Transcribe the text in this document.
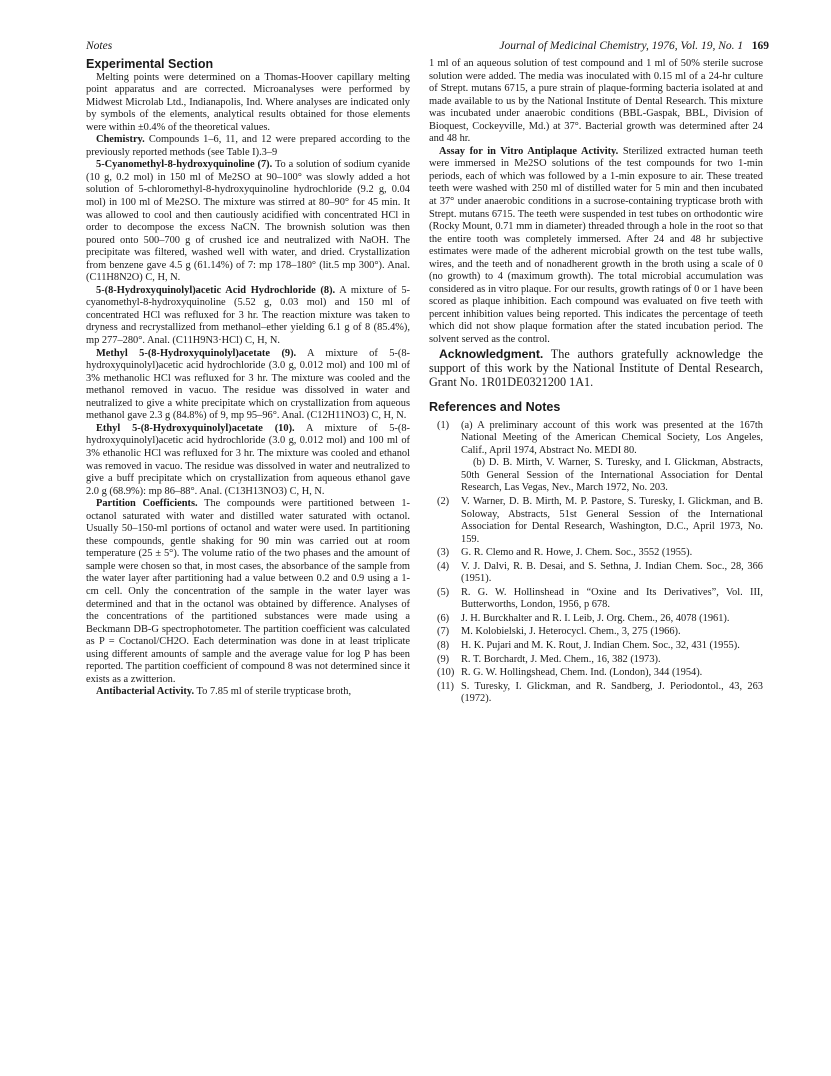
Notes	Journal of Medicinal Chemistry, 1976, Vol. 19, No. 1 169
Experimental Section

Melting points were determined on a Thomas-Hoover capillary melting point apparatus and are corrected. Microanalyses were performed by Midwest Microlab Ltd., Indianapolis, Ind. Where analyses are indicated only by symbols of the elements, analytical results obtained for those elements were within ±0.4% of the theoretical values.

Chemistry. Compounds 1–6, 11, and 12 were prepared according to the previously reported methods (see Table I).3–9

5-Cyanomethyl-8-hydroxyquinoline (7). To a solution of sodium cyanide (10 g, 0.2 mol) in 150 ml of Me2SO at 90–100° was slowly added a hot solution of 5-chloromethyl-8-hydroxyquinoline hydrochloride (9.2 g, 0.04 mol) in 100 ml of Me2SO. The mixture was stirred at 80–90° for 45 min. It was allowed to cool and then cautiously acidified with concentrated HCl in order to decompose the excess NaCN. The brownish solution was then poured onto 500–700 g of crushed ice and neutralized with NaOH. The precipitate was filtered, washed well with water, and dried. Crystallization from benzene gave 4.5 g (61.14%) of 7: mp 178–180° (lit.5 mp 300°). Anal. (C11H8N2O) C, H, N.

5-(8-Hydroxyquinolyl)acetic Acid Hydrochloride (8). A mixture of 5-cyanomethyl-8-hydroxyquinoline (5.52 g, 0.03 mol) and 150 ml of concentrated HCl was refluxed for 3 hr. The reaction mixture was taken to dryness and recrystallized from methanol–ether yielding 6.1 g of 8 (85.4%), mp 277–280°. Anal. (C11H9N3·HCl) C, H, N.

Methyl 5-(8-Hydroxyquinolyl)acetate (9). A mixture of 5-(8-hydroxyquinolyl)acetic acid hydrochloride (3.0 g, 0.012 mol) and 100 ml of 3% methanolic HCl was refluxed for 3 hr. The mixture was cooled and the methanol removed in vacuo. The residue was dissolved in water and neutralized to give a white precipitate which on crystallization from aqueous methanol gave 2.3 g (84.8%) of 9, mp 95–96°. Anal. (C12H11NO3) C, H, N.

Ethyl 5-(8-Hydroxyquinolyl)acetate (10). A mixture of 5-(8-hydroxyquinolyl)acetic acid hydrochloride (3.0 g, 0.012 mol) and 100 ml of 3% ethanolic HCl was refluxed for 3 hr. The mixture was cooled and ethanol was removed in vacuo. The residue was dissolved in water and neutralized to give a buff precipitate which on crystallization from aqueous ethanol gave 2.0 g (68.9%): mp 86–88°. Anal. (C13H13NO3) C, H, N.

Partition Coefficients. The compounds were partitioned between 1-octanol saturated with water and distilled water saturated with octanol. Usually 50–150-ml portions of octanol and water were used. In partitioning these compounds, gentle shaking for 90 min was carried out at room temperature (25 ± 5°). The volume ratio of the two phases and the amount of sample were chosen so that, in most cases, the absorbance of the sample from the water layer after partitioning had a value between 0.2 and 0.9 using a 1-cm cell. Only the concentration of the sample in the water layer was determined and that in the octanol was obtained by difference. Analyses of the concentrations of the partitioned substances were made using a Beckmann DB-G spectrophotometer. The partition coefficient was calculated as P = Coctanol/CH2O. Each determination was done in at least triplicate using different amounts of sample and the average value for log P has been reported. The partition coefficient of compound 8 was not determined since it exists as a zwitterion.

Antibacterial Activity. To 7.85 ml of sterile trypticase broth,

1 ml of an aqueous solution of test compound and 1 ml of 50% sterile sucrose solution were added. The media was inoculated with 0.15 ml of a 24-hr culture of Strept. mutans 6715, a pure strain of plaque-forming bacteria isolated at and made available to us by the National Institute of Dental Research. This mixture was incubated under anaerobic conditions (BBL-Gaspak, BBL, Division of Bioquest, Cockeyville, Md.) at 37°. Bacterial growth was determined after 24 and 48 hr.

Assay for in Vitro Antiplaque Activity. Sterilized extracted human teeth were immersed in Me2SO solutions of the test compounds for two 1-min periods, each of which was followed by a 1-min exposure to air. These treated teeth were washed with 250 ml of distilled water for 5 min and then incubated at 37° under anaerobic conditions in a sucrose-containing trypticase broth with Strept. mutans 6715. The teeth were suspended in test tubes on orthodontic wire (Rocky Mount, 0.71 mm in diameter) threaded through a hole in the root so that the entire tooth was completely immersed. After 24 and 48 hr subjective estimates were made of the adherent microbial growth on the test tube walls, wires, and the teeth and of nonadherent growth in the broth using a scale of 0 (no growth) to 4 (maximum growth). The total microbial accumulation was considered as in vitro plaque. For our results, growth ratings of 0 or 1 have been scored as plaque inhibition. Each compound was evaluated on five teeth with percent inhibition values being reported. This indicates the percentage of teeth which did not show plaque formation after the stated incubation period. The solvent served as the control.

Acknowledgment. The authors gratefully acknowledge the support of this work by the National Institute of Dental Research, Grant No. 1R01DE0321200 1A1.

References and Notes
(1) (a) A preliminary account of this work was presented at the 167th National Meeting of the American Chemical Society, Los Angeles, Calif., April 1974, Abstract No. MEDI 80.
(b) D. B. Mirth, V. Warner, S. Turesky, and I. Glickman, Abstracts, 50th General Session of the International Association for Dental Research, Las Vegas, Nev., March 1972, No. 203.
(2) V. Warner, D. B. Mirth, M. P. Pastore, S. Turesky, I. Glickman, and B. Soloway, Abstracts, 51st General Session of the International Association for Dental Research, Washington, D.C., April 1973, No. 159.
(3) G. R. Clemo and R. Howe, J. Chem. Soc., 3552 (1955).
(4) V. J. Dalvi, R. B. Desai, and S. Sethna, J. Indian Chem. Soc., 28, 366 (1951).
(5) R. G. W. Hollinshead in “Oxine and Its Derivatives”, Vol. III, Butterworths, London, 1956, p 678.
(6) J. H. Burckhalter and R. I. Leib, J. Org. Chem., 26, 4078 (1961).
(7) M. Kolobielski, J. Heterocycl. Chem., 3, 275 (1966).
(8) H. K. Pujari and M. K. Rout, J. Indian Chem. Soc., 32, 431 (1955).
(9) R. T. Borchardt, J. Med. Chem., 16, 382 (1973).
(10) R. G. W. Hollingshead, Chem. Ind. (London), 344 (1954).
(11) S. Turesky, I. Glickman, and R. Sandberg, J. Periodontol., 43, 263 (1972).
